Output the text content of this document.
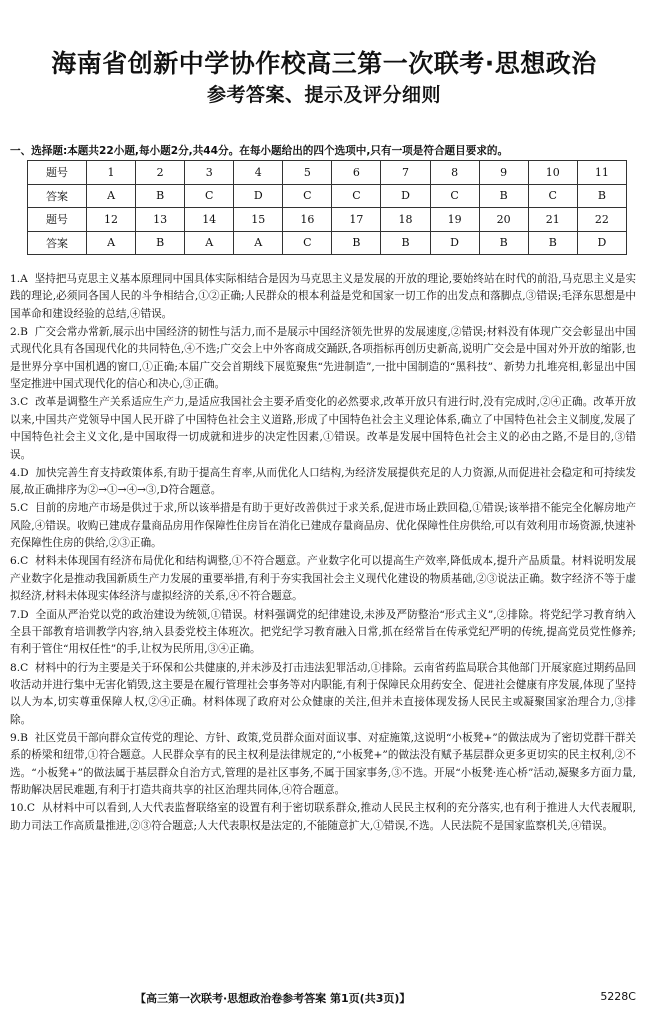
海南省创新中学协作校高三第一次联考·思想政治
参考答案、提示及评分细则
一、选择题:本题共22小题,每小题2分,共44分。在每小题给出的四个选项中,只有一项是符合题目要求的。
题号	1	2	3	4	5	6	7	8	9	10	11
答案	A	B	C	D	C	C	D	C	B	C	B
题号	12	13	14	15	16	17	18	19	20	21	22
答案	A	B	A	A	C	B	B	D	B	B	D
1.A 坚持把马克思主义基本原理同中国具体实际相结合是因为马克思主义是发展的开放的理论,要始终站在时代的前沿,马克思主义是实践的理论,必须同各国人民的斗争相结合,①②正确;人民群众的根本利益是党和国家一切工作的出发点和落脚点,③错误;毛泽东思想是中国革命和建设经验的总结,④错误。
2.B 广交会常办常新,展示出中国经济的韧性与活力,而不是展示中国经济领先世界的发展速度,②错误;材料没有体现广交会彰显出中国式现代化具有各国现代化的共同特色,④不选;广交会上中外客商成交踊跃,各项指标再创历史新高,说明广交会是中国对外开放的缩影,也是世界分享中国机遇的窗口,①正确;本届广交会首期线下展览聚焦“先进制造”,一批中国制造的“黑科技”、新势力扎堆亮相,彰显出中国坚定推进中国式现代化的信心和决心,③正确。
3.C 改革是调整生产关系适应生产力,是适应我国社会主要矛盾变化的必然要求,改革开放只有进行时,没有完成时,②④正确。改革开放以来,中国共产党领导中国人民开辟了中国特色社会主义道路,形成了中国特色社会主义理论体系,确立了中国特色社会主义制度,发展了中国特色社会主义文化,是中国取得一切成就和进步的决定性因素,①错误。改革是发展中国特色社会主义的必由之路,不是目的,③错误。
4.D 加快完善生育支持政策体系,有助于提高生育率,从而优化人口结构,为经济发展提供充足的人力资源,从而促进社会稳定和可持续发展,故正确排序为②→①→④→③,D符合题意。
5.C 目前的房地产市场是供过于求,所以该举措是有助于更好改善供过于求关系,促进市场止跌回稳,①错误;该举措不能完全化解房地产风险,④错误。收购已建成存量商品房用作保障性住房旨在消化已建成存量商品房、优化保障性住房供给,可以有效利用市场资源,快速补充保障性住房的供给,②③正确。
6.C 材料未体现国有经济布局优化和结构调整,①不符合题意。产业数字化可以提高生产效率,降低成本,提升产品质量。材料说明发展产业数字化是推动我国新质生产力发展的重要举措,有利于夯实我国社会主义现代化建设的物质基础,②③说法正确。数字经济不等于虚拟经济,材料未体现实体经济与虚拟经济的关系,④不符合题意。
7.D 全面从严治党以党的政治建设为统领,①错误。材料强调党的纪律建设,未涉及严防整治“形式主义”,②排除。将党纪学习教育纳入全县干部教育培训教学内容,纳入县委党校主体班次。把党纪学习教育融入日常,抓在经常旨在传承党纪严明的传统,提高党员党性修养;有利于管住“用权任性”的手,让权为民所用,③④正确。
8.C 材料中的行为主要是关于环保和公共健康的,并未涉及打击违法犯罪活动,①排除。云南省药监局联合其他部门开展家庭过期药品回收活动并进行集中无害化销毁,这主要是在履行管理社会事务等对内职能,有利于保障民众用药安全、促进社会健康有序发展,体现了坚持以人为本,切实尊重保障人权,②④正确。材料体现了政府对公众健康的关注,但并未直接体现发扬人民民主或凝聚国家治理合力,③排除。
9.B 社区党员干部向群众宣传党的理论、方针、政策,党员群众面对面议事、对症施策,这说明“小板凳+”的做法成为了密切党群干群关系的桥梁和纽带,①符合题意。人民群众享有的民主权利是法律规定的,“小板凳+”的做法没有赋予基层群众更多更切实的民主权利,②不选。“小板凳+”的做法属于基层群众自治方式,管理的是社区事务,不属于国家事务,③不选。开展“小板凳·连心桥”活动,凝聚多方面力量,帮助解决居民难题,有利于打造共商共享的社区治理共同体,④符合题意。
10.C 从材料中可以看到,人大代表监督联络室的设置有利于密切联系群众,推动人民民主权利的充分落实,也有利于推进人大代表履职,助力司法工作高质量推进,②③符合题意;人大代表职权是法定的,不能随意扩大,①错误,不选。人民法院不是国家监察机关,④错误。
【高三第一次联考·思想政治卷参考答案 第1页(共3页)】	5228C
